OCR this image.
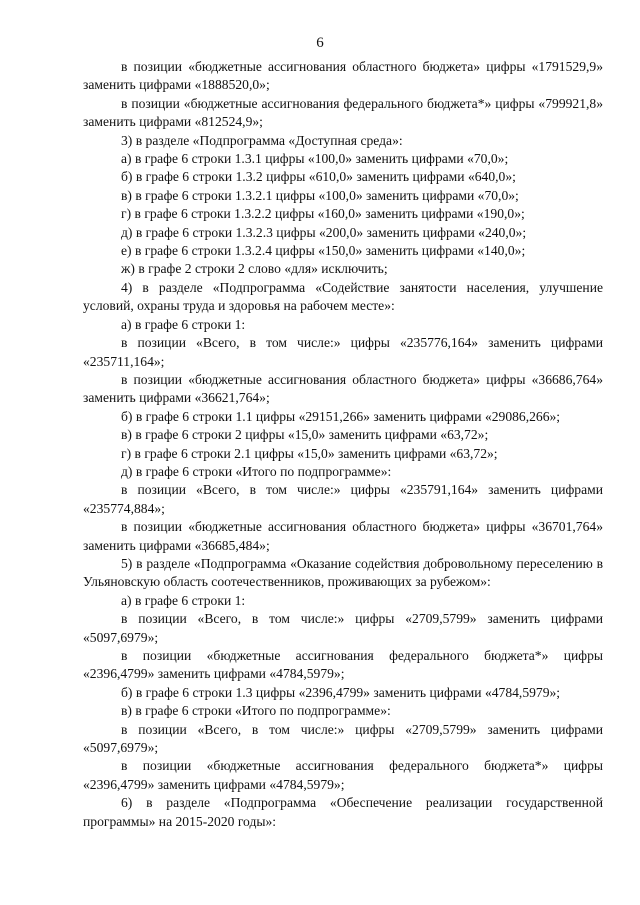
6

в позиции «бюджетные ассигнования областного бюджета» цифры «1791529,9» заменить цифрами «1888520,0»;

в позиции «бюджетные ассигнования федерального бюджета*» цифры «799921,8» заменить цифрами «812524,9»;

3) в разделе «Подпрограмма «Доступная среда»:

а) в графе 6 строки 1.3.1 цифры «100,0» заменить цифрами «70,0»;

б) в графе 6 строки 1.3.2 цифры «610,0» заменить цифрами «640,0»;

в) в графе 6 строки 1.3.2.1 цифры «100,0» заменить цифрами «70,0»;

г) в графе 6 строки 1.3.2.2 цифры «160,0» заменить цифрами «190,0»;

д) в графе 6 строки 1.3.2.3 цифры «200,0» заменить цифрами «240,0»;

е) в графе 6 строки 1.3.2.4 цифры «150,0» заменить цифрами «140,0»;

ж) в графе 2 строки 2 слово «для» исключить;

4) в разделе «Подпрограмма «Содействие занятости населения, улучшение условий, охраны труда и здоровья на рабочем месте»:

а) в графе 6 строки 1:

в позиции «Всего, в том числе:» цифры «235776,164» заменить цифрами «235711,164»;

в позиции «бюджетные ассигнования областного бюджета» цифры «36686,764» заменить цифрами «36621,764»;

б) в графе 6 строки 1.1 цифры «29151,266» заменить цифрами «29086,266»;

в) в графе 6 строки 2 цифры «15,0» заменить цифрами «63,72»;

г) в графе 6 строки 2.1 цифры «15,0» заменить цифрами «63,72»;

д) в графе 6 строки «Итого по подпрограмме»:

в позиции «Всего, в том числе:» цифры «235791,164» заменить цифрами «235774,884»;

в позиции «бюджетные ассигнования областного бюджета» цифры «36701,764» заменить цифрами «36685,484»;

5) в разделе «Подпрограмма «Оказание содействия добровольному переселению в Ульяновскую область соотечественников, проживающих за рубежом»:

а) в графе 6 строки 1:

в позиции «Всего, в том числе:» цифры «2709,5799» заменить цифрами «5097,6979»;

в позиции «бюджетные ассигнования федерального бюджета*» цифры «2396,4799» заменить цифрами «4784,5979»;

б) в графе 6 строки 1.3 цифры «2396,4799» заменить цифрами «4784,5979»;

в) в графе 6 строки «Итого по подпрограмме»:

в позиции «Всего, в том числе:» цифры «2709,5799» заменить цифрами «5097,6979»;

в позиции «бюджетные ассигнования федерального бюджета*» цифры «2396,4799» заменить цифрами «4784,5979»;

6) в разделе «Подпрограмма «Обеспечение реализации государственной программы» на 2015-2020 годы»:
